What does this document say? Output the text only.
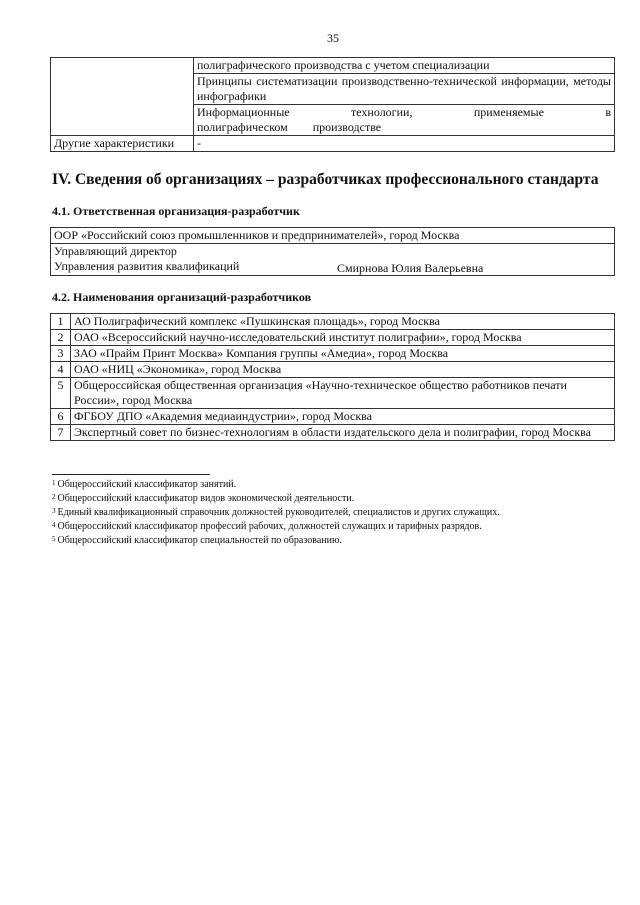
35
	полиграфического производства с учетом специализации
	Принципы систематизации производственно-технической информации, методы инфографики
	Информационные технологии, применяемые в полиграфическом производстве
Другие характеристики	-
IV. Сведения об организациях – разработчиках профессионального стандарта
4.1. Ответственная организация-разработчик
ООР «Российский союз промышленников и предпринимателей», город Москва

Управляющий директор
Управления развития квалификаций	Смирнова Юлия Валерьевна
4.2. Наименования организаций-разработчиков
1	АО Полиграфический комплекс «Пушкинская площадь», город Москва
2	ОАО «Всероссийский научно-исследовательский институт полиграфии», город Москва
3	ЗАО «Прайм Принт Москва» Компания группы «Амедиа», город Москва
4	ОАО «НИЦ «Экономика», город Москва
5	Общероссийская общественная организация «Научно-техническое общество работников печати России», город Москва
6	ФГБОУ ДПО «Академия медиаиндустрии», город Москва
7	Экспертный совет по бизнес-технологиям в области издательского дела и полиграфии, город Москва
$^1$ Общероссийский классификатор занятий.
$^2$ Общероссийский классификатор видов экономической деятельности.
$^3$ Единый квалификационный справочник должностей руководителей, специалистов и других служащих.
$^4$ Общероссийский классификатор профессий рабочих, должностей служащих и тарифных разрядов.
$^5$ Общероссийский классификатор специальностей по образованию.
